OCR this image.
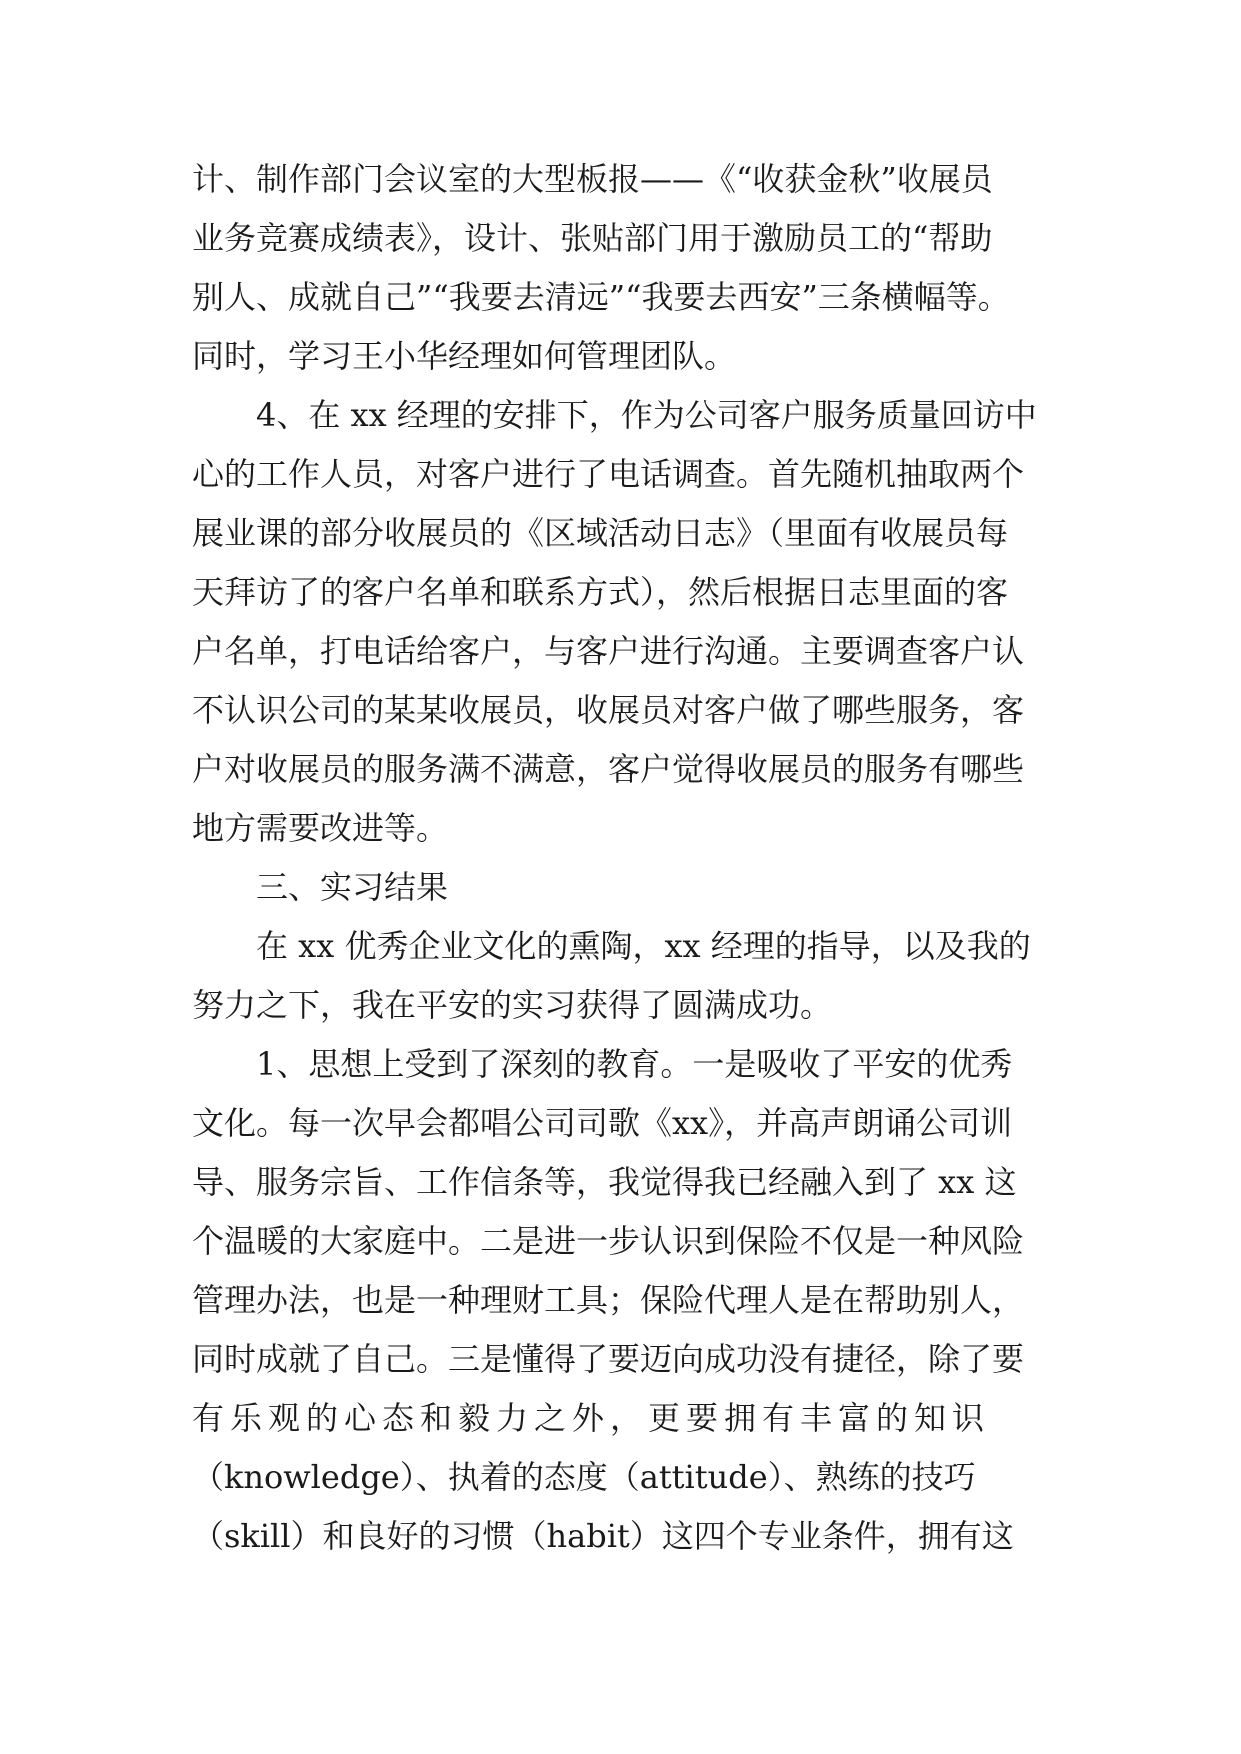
计、制作部门会议室的大型板报——《“收获金秋”收展员
业务竞赛成绩表》，设计、张贴部门用于激励员工的“帮助
别人、成就自己”“我要去清远”“我要去西安”三条横幅等。
同时，学习王小华经理如何管理团队。
4、在 xx 经理的安排下，作为公司客户服务质量回访中
心的工作人员，对客户进行了电话调查。首先随机抽取两个
展业课的部分收展员的《区域活动日志》（里面有收展员每
天拜访了的客户名单和联系方式），然后根据日志里面的客
户名单，打电话给客户，与客户进行沟通。主要调查客户认
不认识公司的某某收展员，收展员对客户做了哪些服务，客
户对收展员的服务满不满意，客户觉得收展员的服务有哪些
地方需要改进等。
三、实习结果
在 xx 优秀企业文化的熏陶，xx 经理的指导，以及我的
努力之下，我在平安的实习获得了圆满成功。
1、思想上受到了深刻的教育。一是吸收了平安的优秀
文化。每一次早会都唱公司司歌《xx》，并高声朗诵公司训
导、服务宗旨、工作信条等，我觉得我已经融入到了 xx 这
个温暖的大家庭中。二是进一步认识到保险不仅是一种风险
管理办法，也是一种理财工具；保险代理人是在帮助别人，
同时成就了自己。三是懂得了要迈向成功没有捷径，除了要
有乐观的心态和毅力之外，更要拥有丰富的知识
（knowledge）、执着的态度（attitude）、熟练的技巧
（skill）和良好的习惯（habit）这四个专业条件，拥有这
